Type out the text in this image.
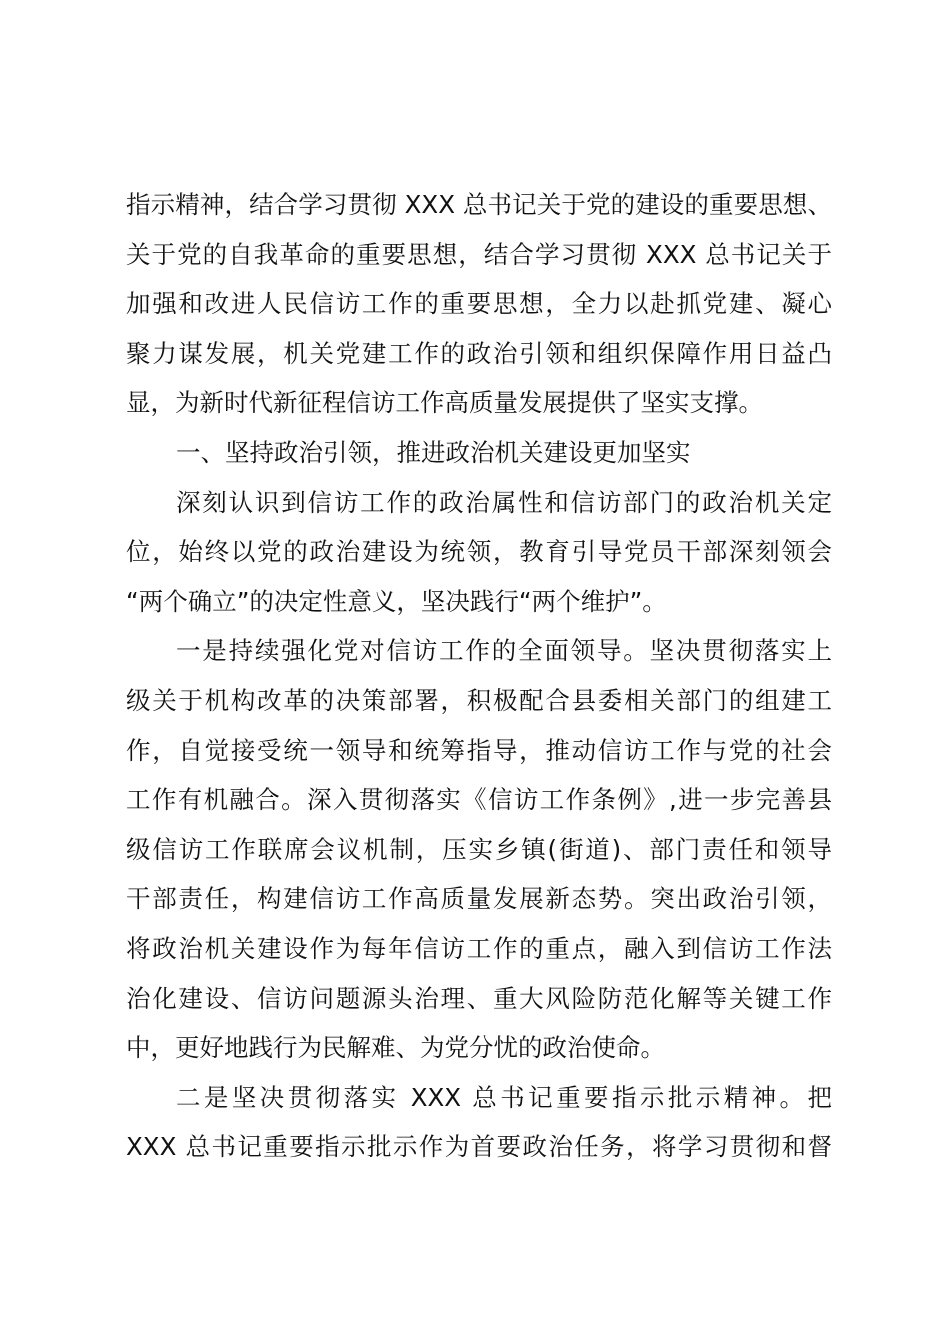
指示精神，结合学习贯彻 XXX 总书记关于党的建设的重要思想、
关于党的自我革命的重要思想，结合学习贯彻 XXX 总书记关于
加强和改进人民信访工作的重要思想，全力以赴抓党建、凝心
聚力谋发展，机关党建工作的政治引领和组织保障作用日益凸
显，为新时代新征程信访工作高质量发展提供了坚实支撑。
一、坚持政治引领，推进政治机关建设更加坚实
深刻认识到信访工作的政治属性和信访部门的政治机关定
位，始终以党的政治建设为统领，教育引导党员干部深刻领会
“两个确立”的决定性意义，坚决践行“两个维护”。
一是持续强化党对信访工作的全面领导。坚决贯彻落实上
级关于机构改革的决策部署，积极配合县委相关部门的组建工
作，自觉接受统一领导和统筹指导，推动信访工作与党的社会
工作有机融合。深入贯彻落实《信访工作条例》,进一步完善县
级信访工作联席会议机制，压实乡镇(街道)、部门责任和领导
干部责任，构建信访工作高质量发展新态势。突出政治引领，
将政治机关建设作为每年信访工作的重点，融入到信访工作法
治化建设、信访问题源头治理、重大风险防范化解等关键工作
中，更好地践行为民解难、为党分忧的政治使命。
二是坚决贯彻落实 XXX 总书记重要指示批示精神。把
XXX 总书记重要指示批示作为首要政治任务，将学习贯彻和督
